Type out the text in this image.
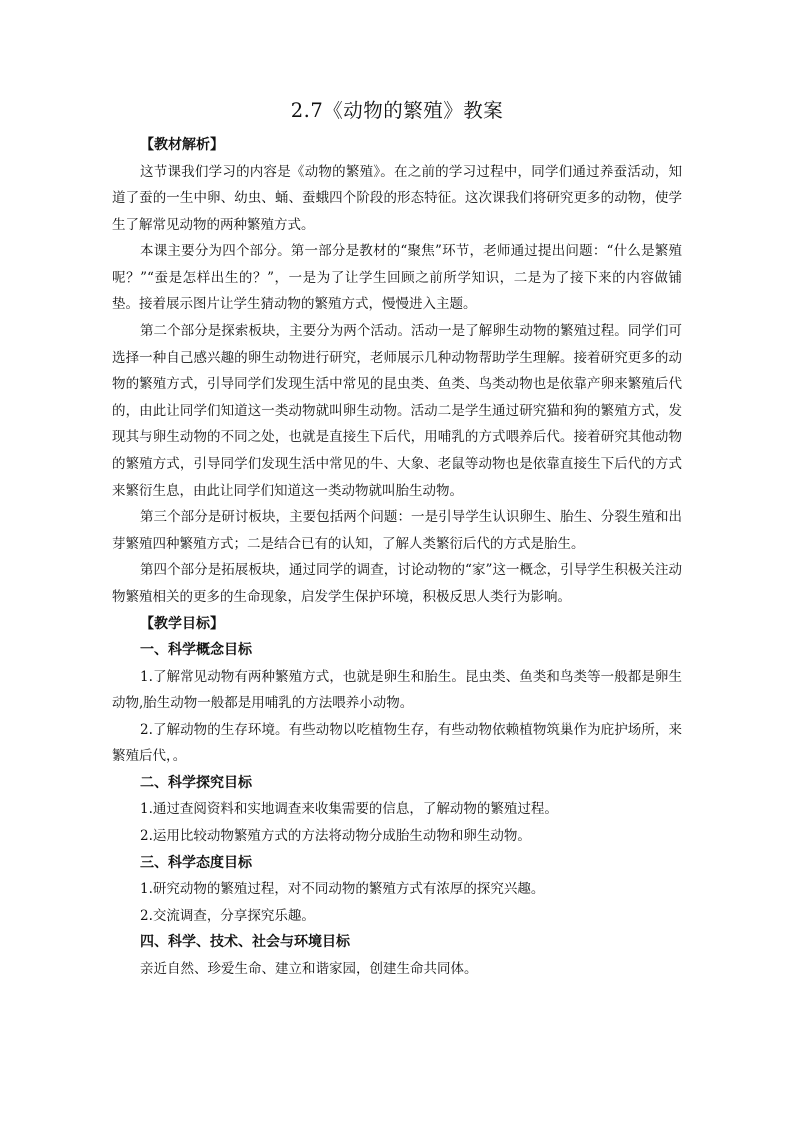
2.7《动物的繁殖》教案
【教材解析】

这节课我们学习的内容是《动物的繁殖》。在之前的学习过程中，同学们通过养蚕活动，知道了蚕的一生中卵、幼虫、蛹、蚕蛾四个阶段的形态特征。这次课我们将研究更多的动物，使学生了解常见动物的两种繁殖方式。

本课主要分为四个部分。第一部分是教材的“聚焦”环节，老师通过提出问题：“什么是繁殖呢？”“蚕是怎样出生的？”，一是为了让学生回顾之前所学知识，二是为了接下来的内容做铺垫。接着展示图片让学生猜动物的繁殖方式，慢慢进入主题。

第二个部分是探索板块，主要分为两个活动。活动一是了解卵生动物的繁殖过程。同学们可选择一种自己感兴趣的卵生动物进行研究，老师展示几种动物帮助学生理解。接着研究更多的动物的繁殖方式，引导同学们发现生活中常见的昆虫类、鱼类、鸟类动物也是依靠产卵来繁殖后代的，由此让同学们知道这一类动物就叫卵生动物。活动二是学生通过研究猫和狗的繁殖方式，发现其与卵生动物的不同之处，也就是直接生下后代，用哺乳的方式喂养后代。接着研究其他动物的繁殖方式，引导同学们发现生活中常见的牛、大象、老鼠等动物也是依靠直接生下后代的方式来繁衍生息，由此让同学们知道这一类动物就叫胎生动物。

第三个部分是研讨板块，主要包括两个问题：一是引导学生认识卵生、胎生、分裂生殖和出芽繁殖四种繁殖方式；二是结合已有的认知，了解人类繁衍后代的方式是胎生。

第四个部分是拓展板块，通过同学的调查，讨论动物的“家”这一概念，引导学生积极关注动物繁殖相关的更多的生命现象，启发学生保护环境，积极反思人类行为影响。

【教学目标】
一、科学概念目标

1.了解常见动物有两种繁殖方式，也就是卵生和胎生。昆虫类、鱼类和鸟类等一般都是卵生动物,胎生动物一般都是用哺乳的方法喂养小动物。

2.了解动物的生存环境。有些动物以吃植物生存，有些动物依赖植物筑巢作为庇护场所，来繁殖后代，。

二、科学探究目标

1.通过查阅资料和实地调查来收集需要的信息，了解动物的繁殖过程。

2.运用比较动物繁殖方式的方法将动物分成胎生动物和卵生动物。

三、科学态度目标

1.研究动物的繁殖过程，对不同动物的繁殖方式有浓厚的探究兴趣。

2.交流调查，分享探究乐趣。

四、科学、技术、社会与环境目标

亲近自然、珍爱生命、建立和谐家园，创建生命共同体。
